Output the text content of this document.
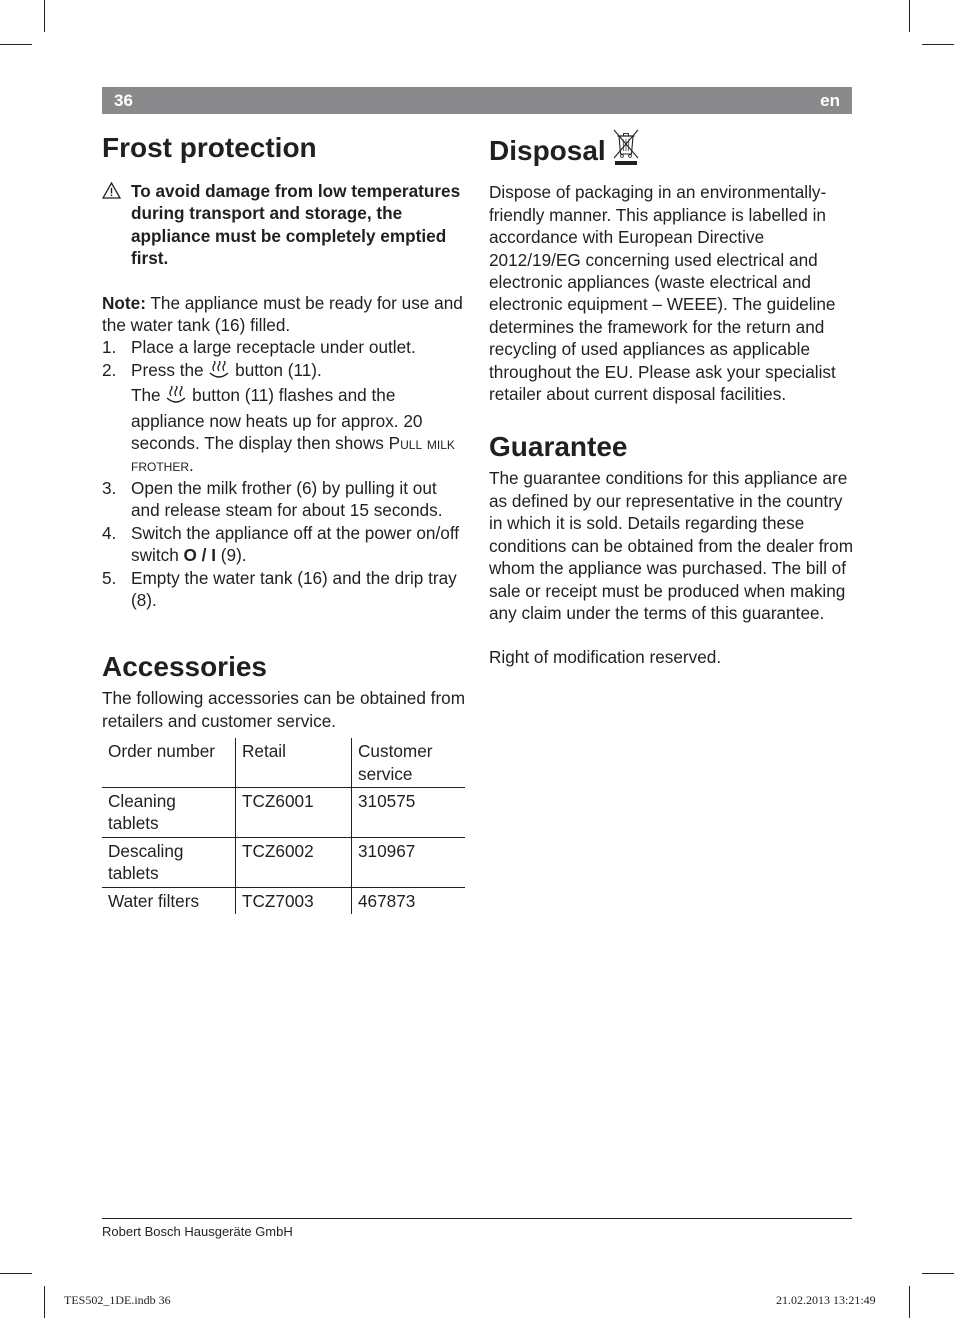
36	en
Frost protection

To avoid damage from low temperatures during transport and storage, the appliance must be completely emptied first.

Note: The appliance must be ready for use and the water tank (16) filled.

1. Place a large receptacle under outlet.
2. Press the  button (11).
The  button (11) flashes and the appliance now heats up for approx. 20 seconds. The display then shows Pull milk frother.
3. Open the milk frother (6) by pulling it out and release steam for about 15 seconds.
4. Switch the appliance off at the power on/off switch O / I (9).
5. Empty the water tank (16) and the drip tray (8).
Accessories

The following accessories can be obtained from retailers and customer service.

Order number	Retail	Customer service
Cleaning tablets	TCZ6001	310575
Descaling tablets	TCZ6002	310967
Water filters	TCZ7003	467873
Disposal

Dispose of packaging in an environmentally-friendly manner. This appliance is labelled in accordance with European Directive 2012/19/EG concerning used electrical and electronic appliances (waste electrical and electronic equipment – WEEE). The guideline determines the framework for the return and recycling of used appliances as applicable throughout the EU. Please ask your specialist retailer about current disposal facilities.

Guarantee

The guarantee conditions for this appliance are as defined by our representative in the country in which it is sold. Details regarding these conditions can be obtained from the dealer from whom the appliance was purchased. The bill of sale or receipt must be produced when making any claim under the terms of this guarantee.

Right of modification reserved.

Robert Bosch Hausgeräte GmbH
TES502_1DE.indb 36	21.02.2013 13:21:49
